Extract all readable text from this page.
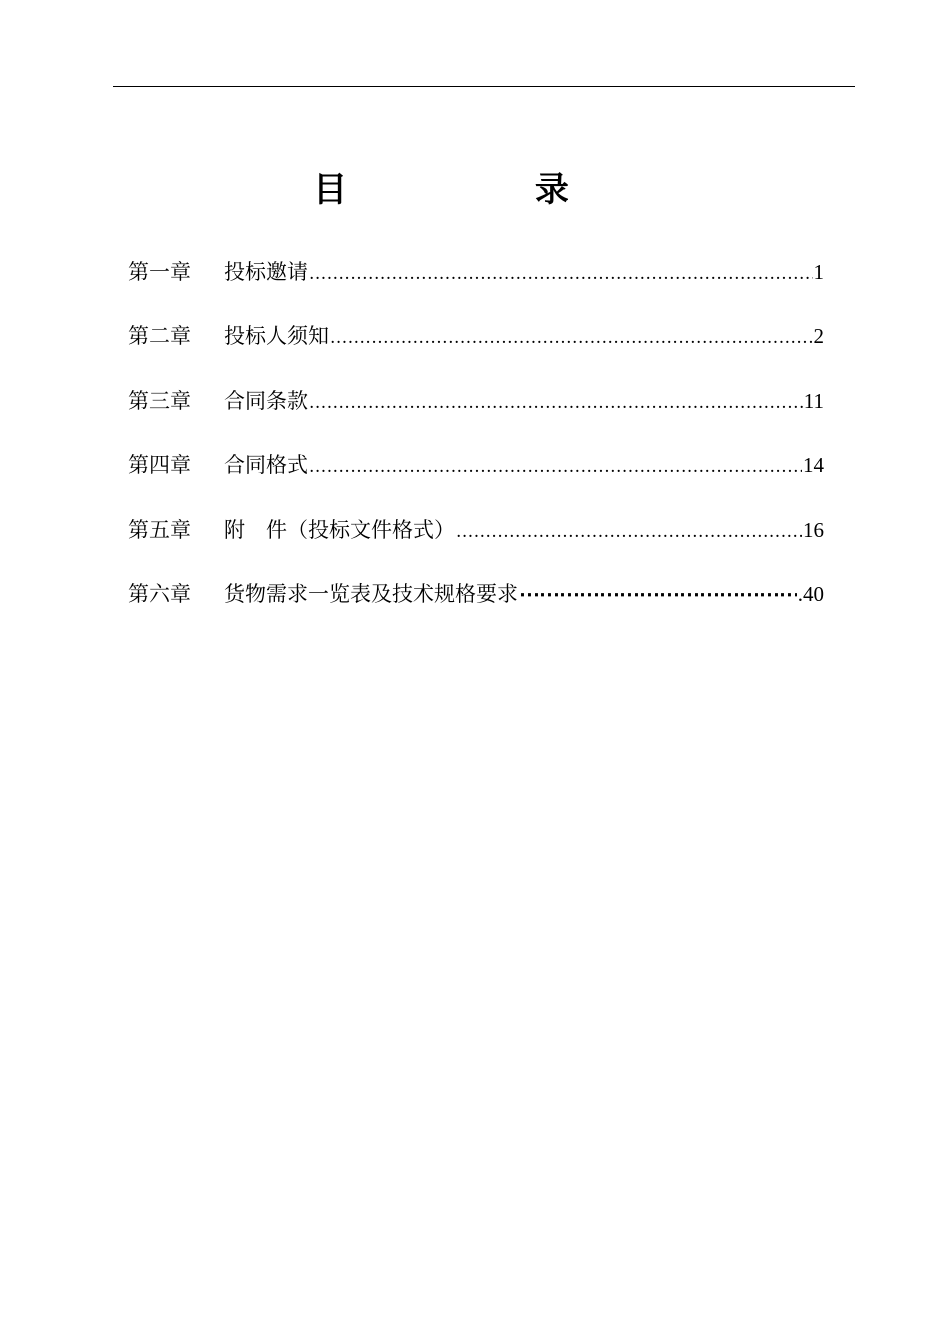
目 录
第一章	投标邀请 .....	1
第二章	投标人须知 .....	2
第三章	合同条款 .....	11
第四章	合同格式 .....	14
第五章	附　件（投标文件格式） .....	16
第六章	货物需求一览表及技术规格要求 ⋯⋯⋯⋯⋯⋯⋯⋯⋯⋯⋯⋯⋯⋯⋯⋯⋯⋯⋯⋯⋯⋯⋯⋯⋯⋯⋯⋯⋯⋯	.40
